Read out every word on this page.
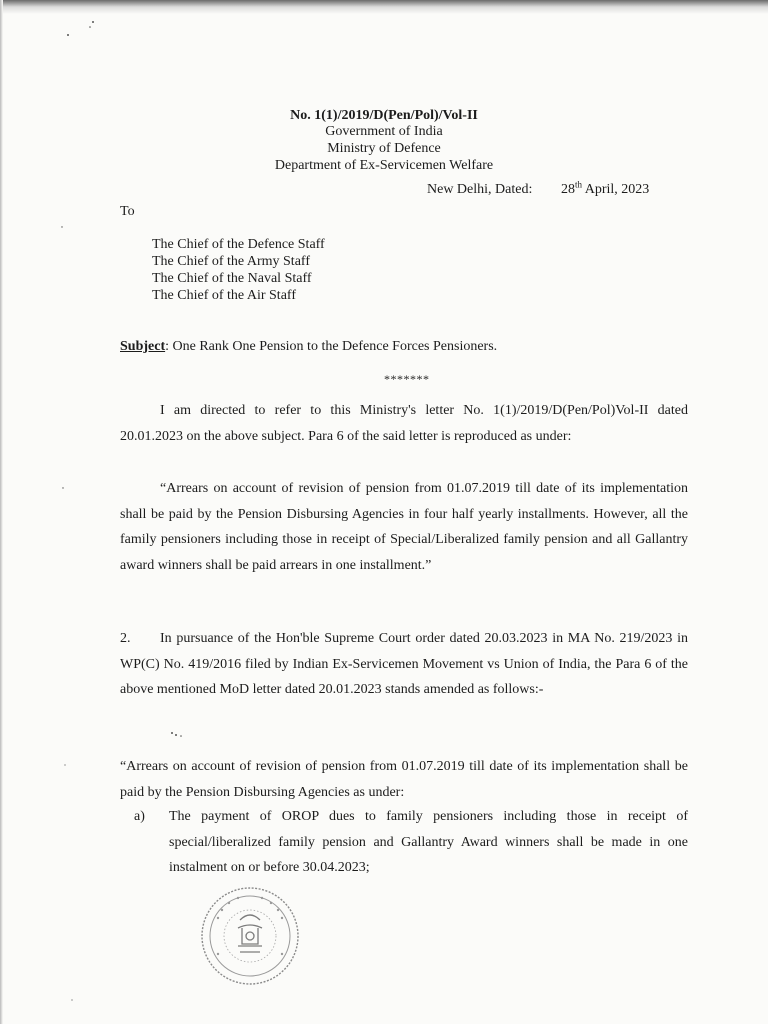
No. 1(1)/2019/D(Pen/Pol)/Vol-II
Government of India
Ministry of Defence
Department of Ex-Servicemen Welfare
New Delhi, Dated: 28th April, 2023
To
The Chief of the Defence Staff
The Chief of the Army Staff
The Chief of the Naval Staff
The Chief of the Air Staff
Subject: One Rank One Pension to the Defence Forces Pensioners.
*******
I am directed to refer to this Ministry's letter No. 1(1)/2019/D(Pen/Pol)Vol-II dated 20.01.2023 on the above subject. Para 6 of the said letter is reproduced as under:
“Arrears on account of revision of pension from 01.07.2019 till date of its implementation shall be paid by the Pension Disbursing Agencies in four half yearly installments. However, all the family pensioners including those in receipt of Special/Liberalized family pension and all Gallantry award winners shall be paid arrears in one installment.”
2.	In pursuance of the Hon'ble Supreme Court order dated 20.03.2023 in MA No. 219/2023 in WP(C) No. 419/2016 filed by Indian Ex-Servicemen Movement vs Union of India, the Para 6 of the above mentioned MoD letter dated 20.01.2023 stands amended as follows:-
“Arrears on account of revision of pension from 01.07.2019 till date of its implementation shall be paid by the Pension Disbursing Agencies as under:
a) The payment of OROP dues to family pensioners including those in receipt of special/liberalized family pension and Gallantry Award winners shall be made in one instalment on or before 30.04.2023;
